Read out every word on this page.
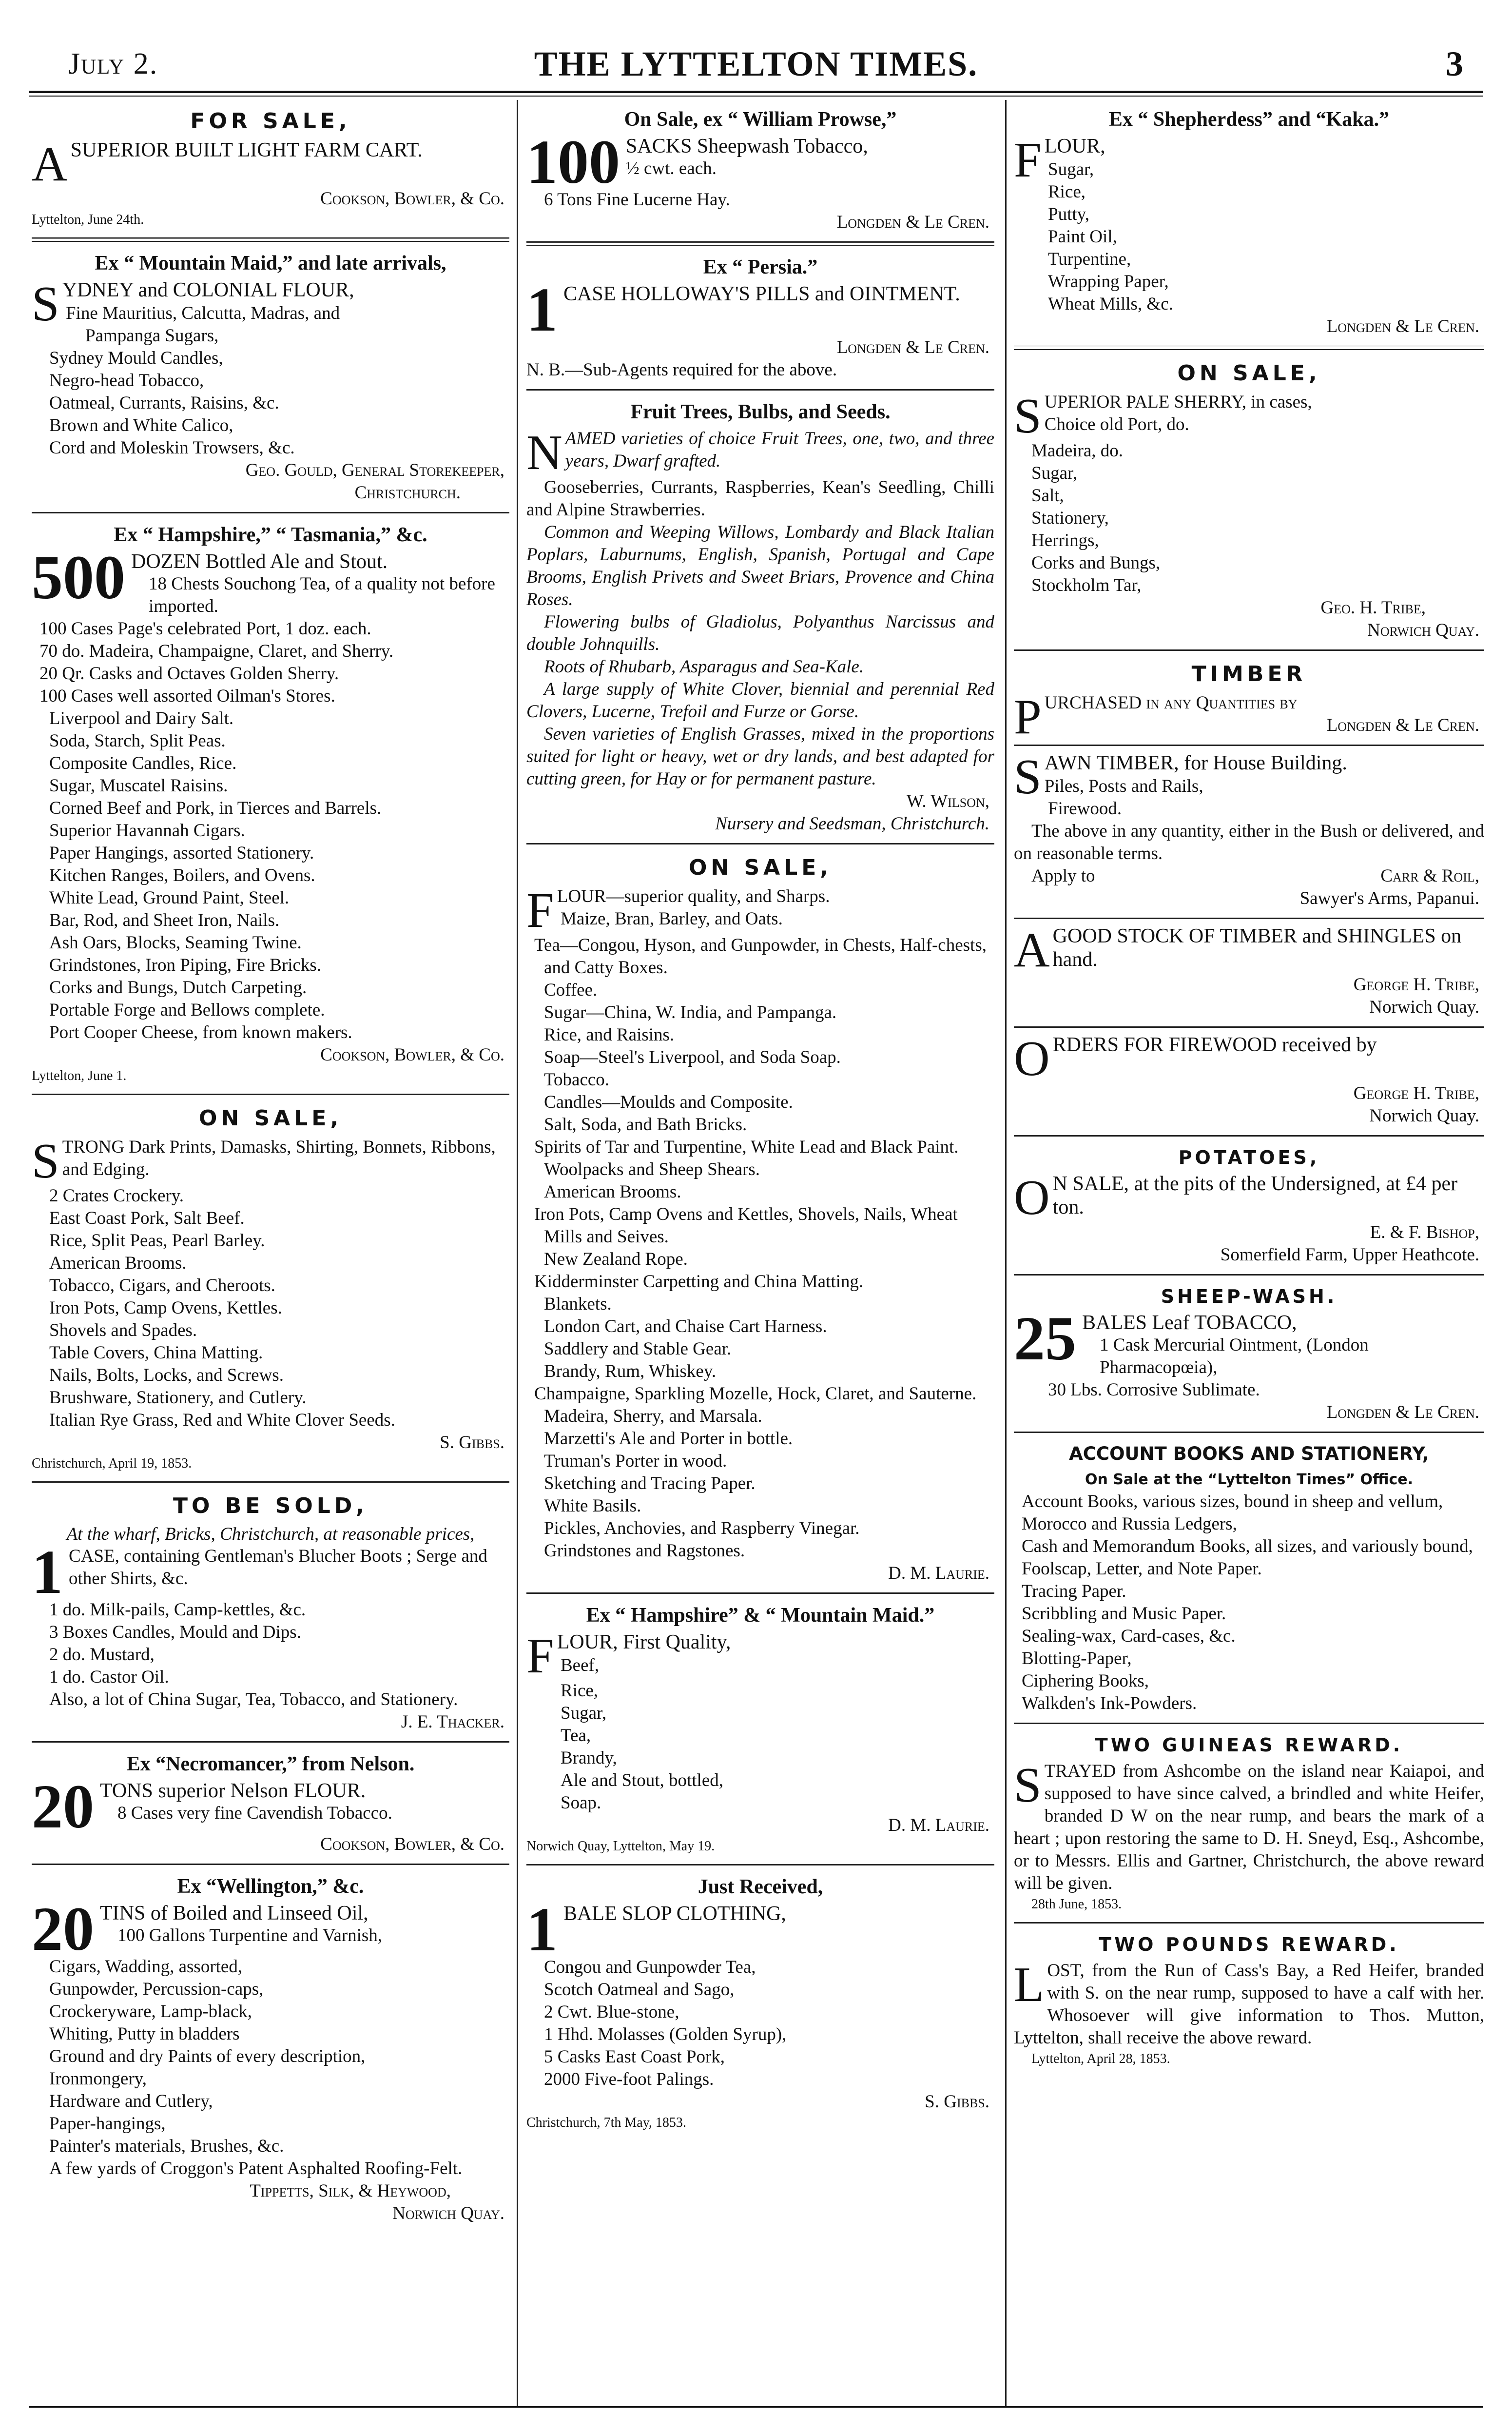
July 2.	THE LYTTELTON TIMES.	3
FOR SALE,
ASUPERIOR BUILT LIGHT FARM CART.
Cookson, Bowler, & Co.
Lyttelton, June 24th.
Ex “ Mountain Maid,” and late arrivals,
SYDNEY and COLONIAL FLOUR,
Fine Mauritius, Calcutta, Madras, and
Pampanga Sugars,
Sydney Mould Candles,
Negro-head Tobacco,
Oatmeal, Currants, Raisins, &c.
Brown and White Calico,
Cord and Moleskin Trowsers, &c.
Geo. Gould, General Storekeeper,
Christchurch.
Ex “ Hampshire,” “ Tasmania,” &c.
500 DOZEN Bottled Ale and Stout.
18 Chests Souchong Tea, of a quality not before imported.
100 Cases Page's celebrated Port, 1 doz. each.
70 do. Madeira, Champaigne, Claret, and Sherry.
20 Qr. Casks and Octaves Golden Sherry.
100 Cases well assorted Oilman's Stores.
Liverpool and Dairy Salt.
Soda, Starch, Split Peas.
Composite Candles, Rice.
Sugar, Muscatel Raisins.
Corned Beef and Pork, in Tierces and Barrels.
Superior Havannah Cigars.
Paper Hangings, assorted Stationery.
Kitchen Ranges, Boilers, and Ovens.
White Lead, Ground Paint, Steel.
Bar, Rod, and Sheet Iron, Nails.
Ash Oars, Blocks, Seaming Twine.
Grindstones, Iron Piping, Fire Bricks.
Corks and Bungs, Dutch Carpeting.
Portable Forge and Bellows complete.
Port Cooper Cheese, from known makers.
Cookson, Bowler, & Co.
Lyttelton, June 1.
ON SALE,
STRONG Dark Prints, Damasks, Shirting, Bonnets, Ribbons, and Edging.
2 Crates Crockery.
East Coast Pork, Salt Beef.
Rice, Split Peas, Pearl Barley.
American Brooms.
Tobacco, Cigars, and Cheroots.
Iron Pots, Camp Ovens, Kettles.
Shovels and Spades.
Table Covers, China Matting.
Nails, Bolts, Locks, and Screws.
Brushware, Stationery, and Cutlery.
Italian Rye Grass, Red and White Clover Seeds.
S. Gibbs.
Christchurch, April 19, 1853.
TO BE SOLD,
At the wharf, Bricks, Christchurch, at reasonable prices,
1 CASE, containing Gentleman's Blucher Boots ; Serge and other Shirts, &c.
1 do. Milk-pails, Camp-kettles, &c.
3 Boxes Candles, Mould and Dips.
2 do. Mustard,
1 do. Castor Oil.
Also, a lot of China Sugar, Tea, Tobacco, and Stationery.
J. E. Thacker.
Ex “Necromancer,” from Nelson.
20 TONS superior Nelson FLOUR.
8 Cases very fine Cavendish Tobacco.
Cookson, Bowler, & Co.
Ex “Wellington,” &c.
20 TINS of Boiled and Linseed Oil,
100 Gallons Turpentine and Varnish,
Cigars, Wadding, assorted,
Gunpowder, Percussion-caps,
Crockeryware, Lamp-black,
Whiting, Putty in bladders
Ground and dry Paints of every description,
Ironmongery,
Hardware and Cutlery,
Paper-hangings,
Painter's materials, Brushes, &c.
A few yards of Croggon's Patent Asphalted Roofing-Felt.
Tippetts, Silk, & Heywood,
Norwich Quay.
On Sale, ex “ William Prowse,”
100 SACKS Sheepwash Tobacco,
½ cwt. each.
6 Tons Fine Lucerne Hay.
Longden & Le Cren.
Ex “ Persia.”
1 CASE HOLLOWAY'S PILLS and OINTMENT.
Longden & Le Cren.
N. B.—Sub-Agents required for the above.
Fruit Trees, Bulbs, and Seeds.
NAMED varieties of choice Fruit Trees, one, two, and three years, Dwarf grafted.
Gooseberries, Currants, Raspberries, Kean's Seedling, Chilli and Alpine Strawberries.
Common and Weeping Willows, Lombardy and Black Italian Poplars, Laburnums, English, Spanish, Portugal and Cape Brooms, English Privets and Sweet Briars, Provence and China Roses.
Flowering bulbs of Gladiolus, Polyanthus Narcissus and double Johnquills.
Roots of Rhubarb, Asparagus and Sea-Kale.
A large supply of White Clover, biennial and perennial Red Clovers, Lucerne, Trefoil and Furze or Gorse.
Seven varieties of English Grasses, mixed in the proportions suited for light or heavy, wet or dry lands, and best adapted for cutting green, for Hay or for permanent pasture.
W. Wilson,
Nursery and Seedsman, Christchurch.
ON SALE,
FLOUR—superior quality, and Sharps.
Maize, Bran, Barley, and Oats.
Tea—Congou, Hyson, and Gunpowder, in Chests, Half-chests, and Catty Boxes.
Coffee.
Sugar—China, W. India, and Pampanga.
Rice, and Raisins.
Soap—Steel's Liverpool, and Soda Soap.
Tobacco.
Candles—Moulds and Composite.
Salt, Soda, and Bath Bricks.
Spirits of Tar and Turpentine, White Lead and Black Paint.
Woolpacks and Sheep Shears.
American Brooms.
Iron Pots, Camp Ovens and Kettles, Shovels, Nails, Wheat Mills and Seives.
New Zealand Rope.
Kidderminster Carpetting and China Matting.
Blankets.
London Cart, and Chaise Cart Harness.
Saddlery and Stable Gear.
Brandy, Rum, Whiskey.
Champaigne, Sparkling Mozelle, Hock, Claret, and Sauterne.
Madeira, Sherry, and Marsala.
Marzetti's Ale and Porter in bottle.
Truman's Porter in wood.
Sketching and Tracing Paper.
White Basils.
Pickles, Anchovies, and Raspberry Vinegar.
Grindstones and Ragstones.
D. M. Laurie.
Ex “ Hampshire” & “ Mountain Maid.”
FLOUR, First Quality,
Beef,
Rice,
Sugar,
Tea,
Brandy,
Ale and Stout, bottled,
Soap.
D. M. Laurie.
Norwich Quay, Lyttelton, May 19.
Just Received,
1 BALE SLOP CLOTHING,
Congou and Gunpowder Tea,
Scotch Oatmeal and Sago,
2 Cwt. Blue-stone,
1 Hhd. Molasses (Golden Syrup),
5 Casks East Coast Pork,
2000 Five-foot Palings.
S. Gibbs.
Christchurch, 7th May, 1853.
Ex “ Shepherdess” and “Kaka.”
FLOUR,
Sugar,
Rice,
Putty,
Paint Oil,
Turpentine,
Wrapping Paper,
Wheat Mills, &c.
Longden & Le Cren.
ON SALE,
SUPERIOR PALE SHERRY, in cases,
Choice old Port, do.
Madeira, do.
Sugar,
Salt,
Stationery,
Herrings,
Corks and Bungs,
Stockholm Tar,
Geo. H. Tribe,
Norwich Quay.
TIMBER
PURCHASED in any Quantities by
Longden & Le Cren.
SAWN TIMBER, for House Building.
Piles, Posts and Rails,
Firewood.
The above in any quantity, either in the Bush or delivered, and on reasonable terms.
Apply to	Carr & Roil,
Sawyer's Arms, Papanui.
AGOOD STOCK OF TIMBER and SHINGLES on hand.
George H. Tribe,
Norwich Quay.
ORDERS FOR FIREWOOD received by
George H. Tribe,
Norwich Quay.
POTATOES,
O N SALE, at the pits of the Undersigned, at £4 per ton.
E. & F. Bishop,
Somerfield Farm, Upper Heathcote.
SHEEP-WASH.
25 BALES Leaf TOBACCO,
1 Cask Mercurial Ointment, (London Pharmacopœia),
30 Lbs. Corrosive Sublimate.
Longden & Le Cren.
ACCOUNT BOOKS AND STATIONERY,
On Sale at the “Lyttelton Times” Office.
Account Books, various sizes, bound in sheep and vellum,
Morocco and Russia Ledgers,
Cash and Memorandum Books, all sizes, and variously bound,
Foolscap, Letter, and Note Paper.
Tracing Paper.
Scribbling and Music Paper.
Sealing-wax, Card-cases, &c.
Blotting-Paper,
Ciphering Books,
Walkden's Ink-Powders.
TWO GUINEAS REWARD.
STRAYED from Ashcombe on the island near Kaiapoi, and supposed to have since calved, a brindled and white Heifer, branded D W on the near rump, and bears the mark of a heart ; upon restoring the same to D. H. Sneyd, Esq., Ashcombe, or to Messrs. Ellis and Gartner, Christchurch, the above reward will be given.
28th June, 1853.
TWO POUNDS REWARD.
LOST, from the Run of Cass's Bay, a Red Heifer, branded with S. on the near rump, supposed to have a calf with her. Whosoever will give information to Thos. Mutton, Lyttelton, shall receive the above reward.
Lyttelton, April 28, 1853.
